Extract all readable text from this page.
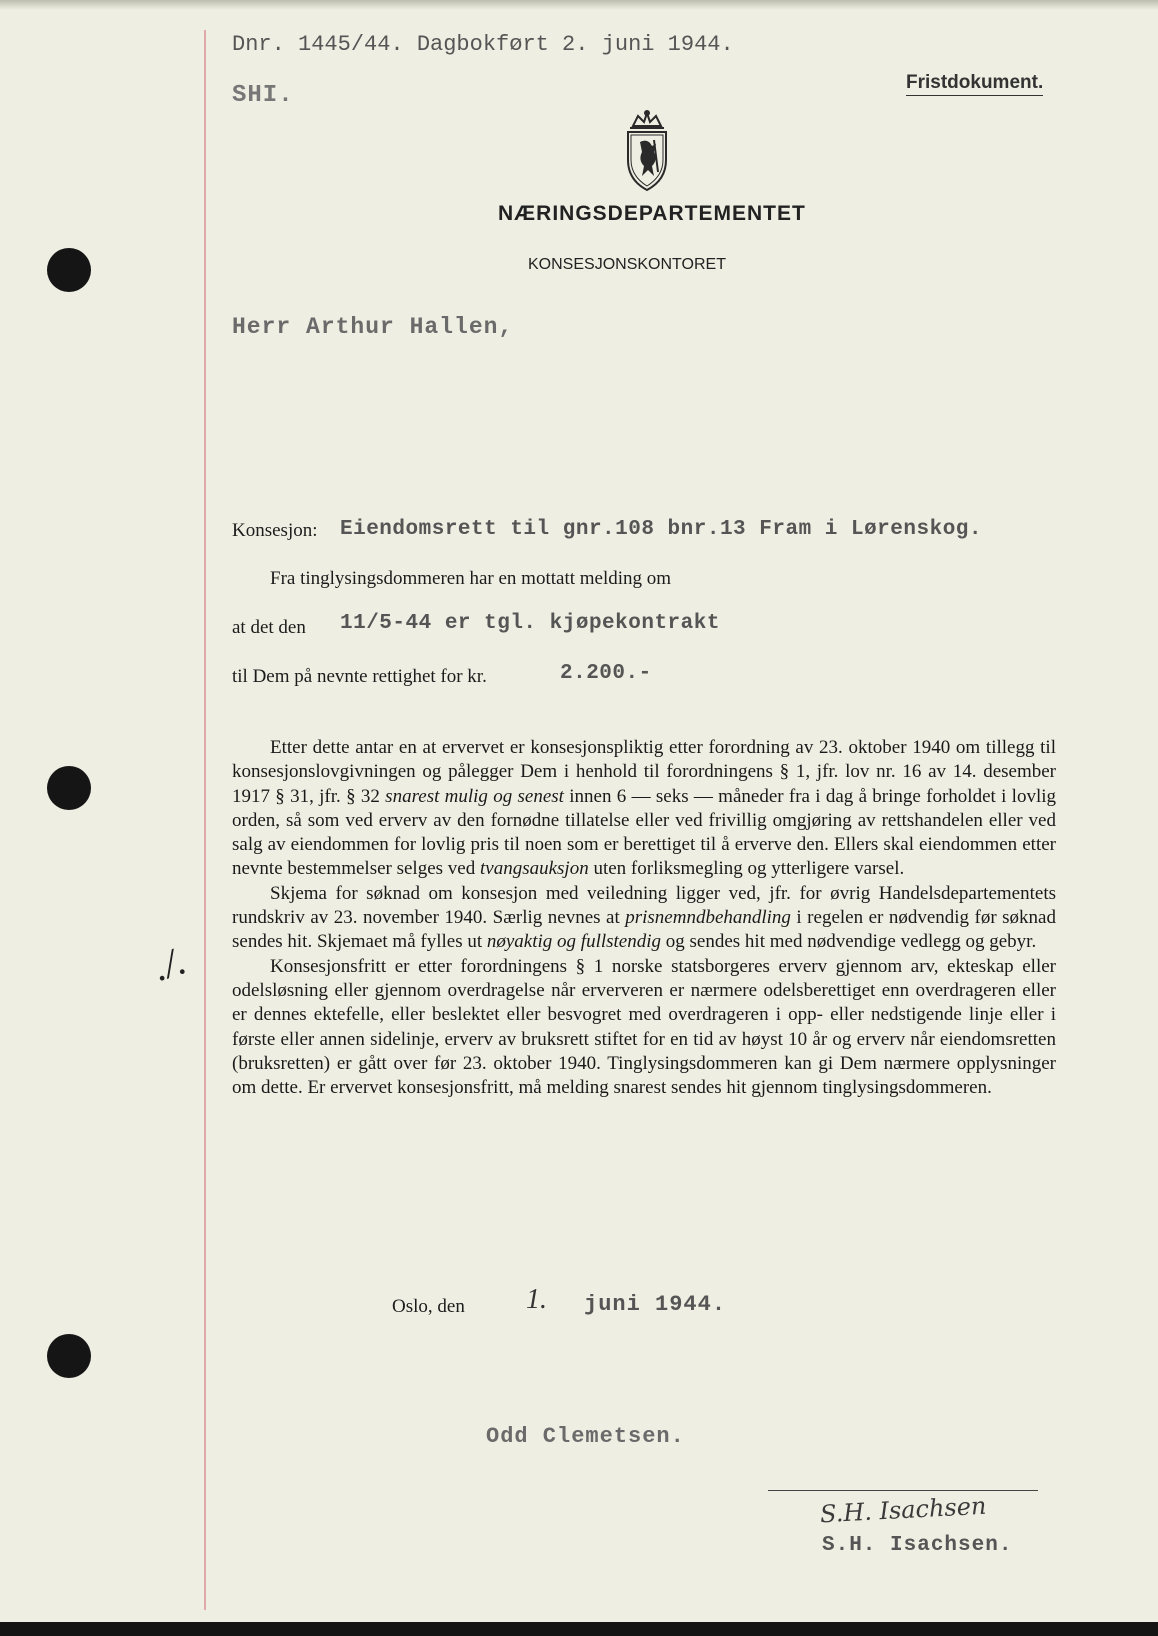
Dnr. 1445/44. Dagbokført 2. juni 1944.
SHI.	Fristdokument.
NÆRINGSDEPARTEMENTET
KONSESJONSKONTORET
Herr Arthur Hallen,
Konsesjon: Eiendomsrett til gnr.108 bnr.13 Fram i Lørenskog.
Fra tinglysingsdommeren har en mottatt melding om
at det den 11/5-44 er tgl. kjøpekontrakt
til Dem på nevnte rettighet for kr.	2.200.-

Etter dette antar en at ervervet er konsesjonspliktig etter forordning av 23. oktober 1940 om tillegg til konsesjonslovgivningen og pålegger Dem i henhold til forordningens § 1, jfr. lov nr. 16 av 14. desember 1917 § 31, jfr. § 32 snarest mulig og senest innen 6 — seks — måneder fra i dag å bringe forholdet i lovlig orden, så som ved erverv av den fornødne tillatelse eller ved frivillig omgjøring av rettshandelen eller ved salg av eiendommen for lovlig pris til noen som er berettiget til å erverve den. Ellers skal eiendommen etter nevnte bestemmelser selges ved tvangsauksjon uten forliksmegling og ytterligere varsel.

Skjema for søknad om konsesjon med veiledning ligger ved, jfr. for øvrig Handelsdepartementets rundskriv av 23. november 1940. Særlig nevnes at prisnemndbehandling i regelen er nødvendig før søknad sendes hit. Skjemaet må fylles ut nøyaktig og fullstendig og sendes hit med nødvendige vedlegg og gebyr.

Konsesjonsfritt er etter forordningens § 1 norske statsborgeres erverv gjennom arv, ekteskap eller odelsløsning eller gjennom overdragelse når erververen er nærmere odelsberettiget enn overdrageren eller er dennes ektefelle, eller beslektet eller besvogret med overdrageren i opp- eller nedstigende linje eller i første eller annen sidelinje, erverv av bruksrett stiftet for en tid av høyst 10 år og erverv når eiendomsretten (bruksretten) er gått over før 23. oktober 1940. Tinglysingsdommeren kan gi Dem nærmere opplysninger om dette. Er ervervet konsesjonsfritt, må melding snarest sendes hit gjennom tinglysingsdommeren.

./.
Oslo, den 1. juni 1944.
Odd Clemetsen.
S.H. Isachsen
S.H. Isachsen.
